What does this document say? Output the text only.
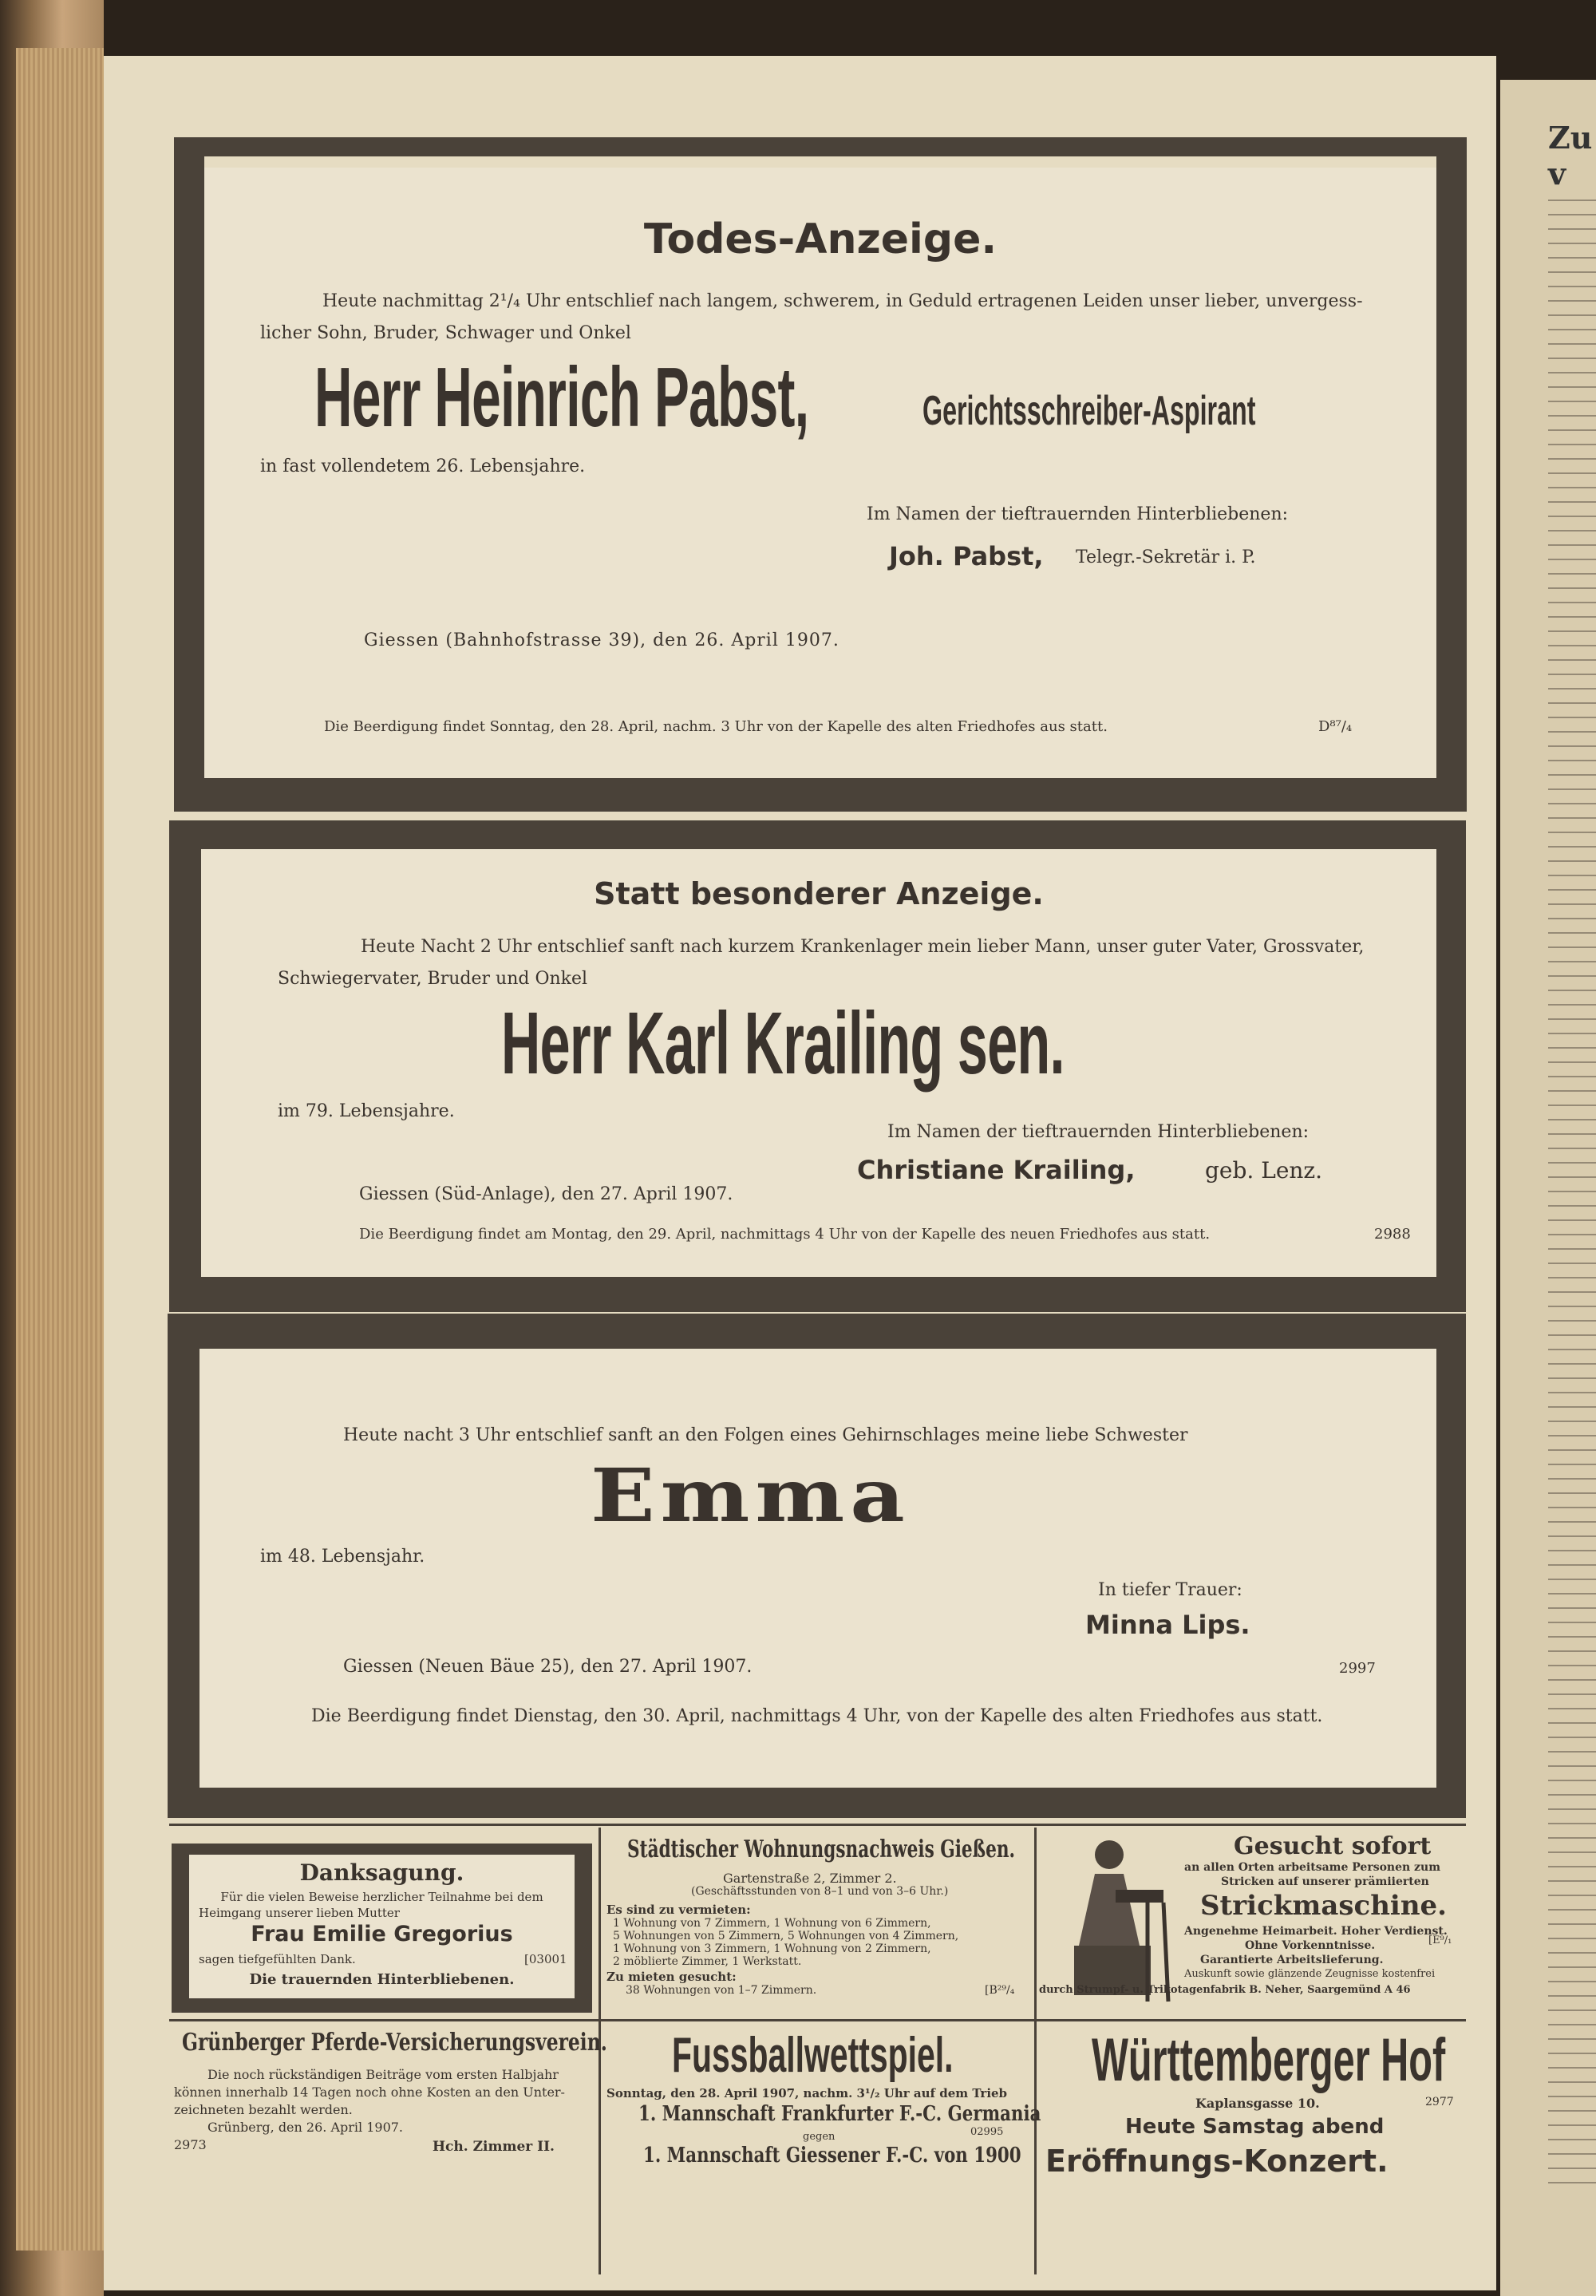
Zu v
Todes-Anzeige.
Heute nachmittag 2¹/₄ Uhr entschlief nach langem, schwerem, in Geduld ertragenen Leiden unser lieber, unvergess-
licher Sohn, Bruder, Schwager und Onkel
Herr Heinrich Pabst,	Gerichtsschreiber-Aspirant
in fast vollendetem 26. Lebensjahre.
Im Namen der tieftrauernden Hinterbliebenen:
Joh. Pabst, Telegr.-Sekretär i. P.
Giessen (Bahnhofstrasse 39), den 26. April 1907.
Die Beerdigung findet Sonntag, den 28. April, nachm. 3 Uhr von der Kapelle des alten Friedhofes aus statt.	D⁸⁷/₄
Statt besonderer Anzeige.
Heute Nacht 2 Uhr entschlief sanft nach kurzem Krankenlager mein lieber Mann, unser guter Vater, Grossvater,
Schwiegervater, Bruder und Onkel
Herr Karl Krailing sen.
im 79. Lebensjahre.
Im Namen der tieftrauernden Hinterbliebenen:
Christiane Krailing,	geb. Lenz.
Giessen (Süd-Anlage), den 27. April 1907.
Die Beerdigung findet am Montag, den 29. April, nachmittags 4 Uhr von der Kapelle des neuen Friedhofes aus statt.	2988
Heute nacht 3 Uhr entschlief sanft an den Folgen eines Gehirnschlages meine liebe Schwester
Emma
im 48. Lebensjahr.
In tiefer Trauer:
Minna Lips.
Giessen (Neuen Bäue 25), den 27. April 1907.	2997
Die Beerdigung findet Dienstag, den 30. April, nachmittags 4 Uhr, von der Kapelle des alten Friedhofes aus statt.
Danksagung.
Für die vielen Beweise herzlicher Teilnahme bei dem
Heimgang unserer lieben Mutter
Frau Emilie Gregorius
sagen tiefgefühlten Dank.	[03001
Die trauernden Hinterbliebenen.
Grünberger Pferde-Versicherungsverein.
Die noch rückständigen Beiträge vom ersten Halbjahr
können innerhalb 14 Tagen noch ohne Kosten an den Unter-
zeichneten bezahlt werden.
Grünberg, den 26. April 1907.
2973	Hch. Zimmer II.
Städtischer Wohnungsnachweis Gießen.
Gartenstraße 2, Zimmer 2.
(Geschäftsstunden von 8–1 und von 3–6 Uhr.)
Es sind zu vermieten:
1 Wohnung von 7 Zimmern, 1 Wohnung von 6 Zimmern,
5 Wohnungen von 5 Zimmern, 5 Wohnungen von 4 Zimmern,
1 Wohnung von 3 Zimmern, 1 Wohnung von 2 Zimmern,
2 möblierte Zimmer, 1 Werkstatt.
Zu mieten gesucht:
38 Wohnungen von 1–7 Zimmern.	[B²⁹/₄
Fussballwettspiel.
Sonntag, den 28. April 1907, nachm. 3¹/₂ Uhr auf dem Trieb
1. Mannschaft Frankfurter F.-C. Germania
gegen	02995
1. Mannschaft Giessener F.-C. von 1900
Gesucht sofort
an allen Orten arbeitsame Personen zum
Stricken auf unserer prämiierten
Strickmaschine.
Angenehme Heimarbeit. Hoher Verdienst.
Ohne Vorkenntnisse.	[E⁹/₁
Garantierte Arbeitslieferung.
Auskunft sowie glänzende Zeugnisse kostenfrei
durch Strumpf- u. Trikotagenfabrik B. Neher, Saargemünd A 46
Württemberger Hof
Kaplansgasse 10.	2977
Heute Samstag abend
Eröffnungs-Konzert.
